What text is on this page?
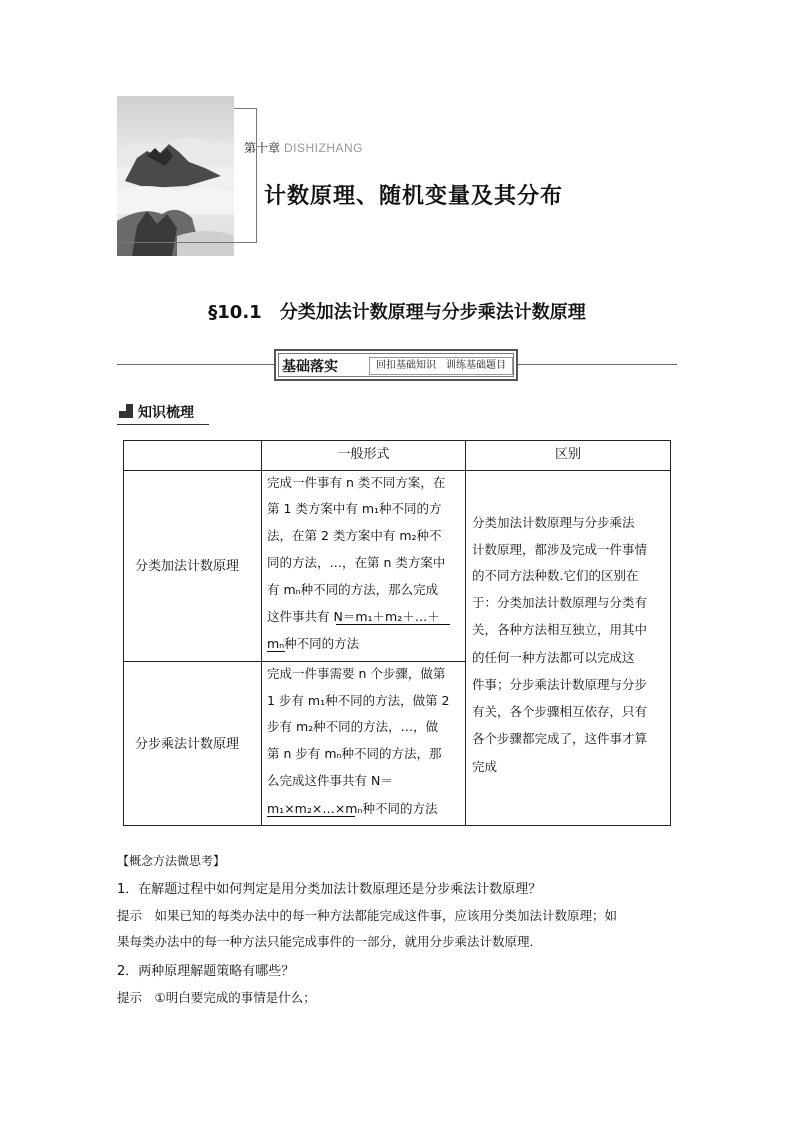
第十章 DISHIZHANG
计数原理、随机变量及其分布
§10.1　分类加法计数原理与分步乘法计数原理
基础落实	回扣基础知识　训练基础题目
知识梳理
一般形式	区别
分类加法计数原理
分步乘法计数原理
完成一件事有 n 类不同方案，在
第 1 类方案中有 m₁种不同的方
法，在第 2 类方案中有 m₂种不
同的方法，…，在第 n 类方案中
有 mₙ种不同的方法，那么完成
这件事共有 N＝m₁＋m₂＋…＋
mₙ种不同的方法
完成一件事需要 n 个步骤，做第
1 步有 m₁种不同的方法，做第 2
步有 m₂种不同的方法，…，做
第 n 步有 mₙ种不同的方法，那
么完成这件事共有 N＝
m₁×m₂×…×mₙ种不同的方法
分类加法计数原理与分步乘法
计数原理，都涉及完成一件事情
的不同方法种数.它们的区别在
于：分类加法计数原理与分类有
关，各种方法相互独立，用其中
的任何一种方法都可以完成这
件事；分步乘法计数原理与分步
有关，各个步骤相互依存，只有
各个步骤都完成了，这件事才算
完成
【概念方法微思考】
1．在解题过程中如何判定是用分类加法计数原理还是分步乘法计数原理？
提示　如果已知的每类办法中的每一种方法都能完成这件事，应该用分类加法计数原理；如
果每类办法中的每一种方法只能完成事件的一部分，就用分步乘法计数原理．
2．两种原理解题策略有哪些？
提示　①明白要完成的事情是什么；
